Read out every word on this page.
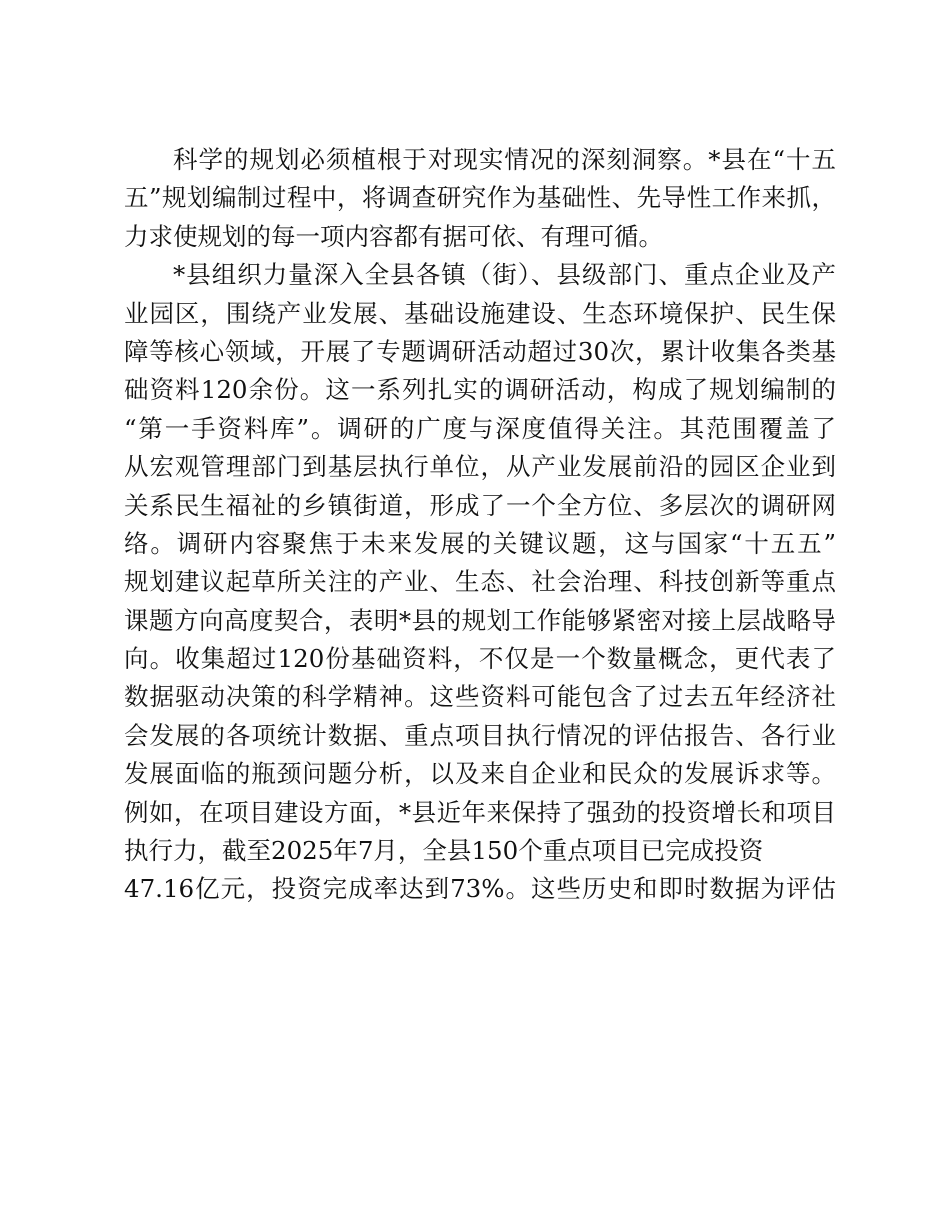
科学的规划必须植根于对现实情况的深刻洞察。*县在“十五
五”规划编制过程中，将调查研究作为基础性、先导性工作来抓，
力求使规划的每一项内容都有据可依、有理可循。
*县组织力量深入全县各镇（街）、县级部门、重点企业及产
业园区，围绕产业发展、基础设施建设、生态环境保护、民生保
障等核心领域，开展了专题调研活动超过30次，累计收集各类基
础资料120余份。这一系列扎实的调研活动，构成了规划编制的
“第一手资料库”。调研的广度与深度值得关注。其范围覆盖了
从宏观管理部门到基层执行单位，从产业发展前沿的园区企业到
关系民生福祉的乡镇街道，形成了一个全方位、多层次的调研网
络。调研内容聚焦于未来发展的关键议题，这与国家“十五五”
规划建议起草所关注的产业、生态、社会治理、科技创新等重点
课题方向高度契合，表明*县的规划工作能够紧密对接上层战略导
向。收集超过120份基础资料，不仅是一个数量概念，更代表了
数据驱动决策的科学精神。这些资料可能包含了过去五年经济社
会发展的各项统计数据、重点项目执行情况的评估报告、各行业
发展面临的瓶颈问题分析，以及来自企业和民众的发展诉求等。
例如，在项目建设方面，*县近年来保持了强劲的投资增长和项目
执行力，截至2025年7月，全县150个重点项目已完成投资
47.16亿元，投资完成率达到73%。这些历史和即时数据为评估
